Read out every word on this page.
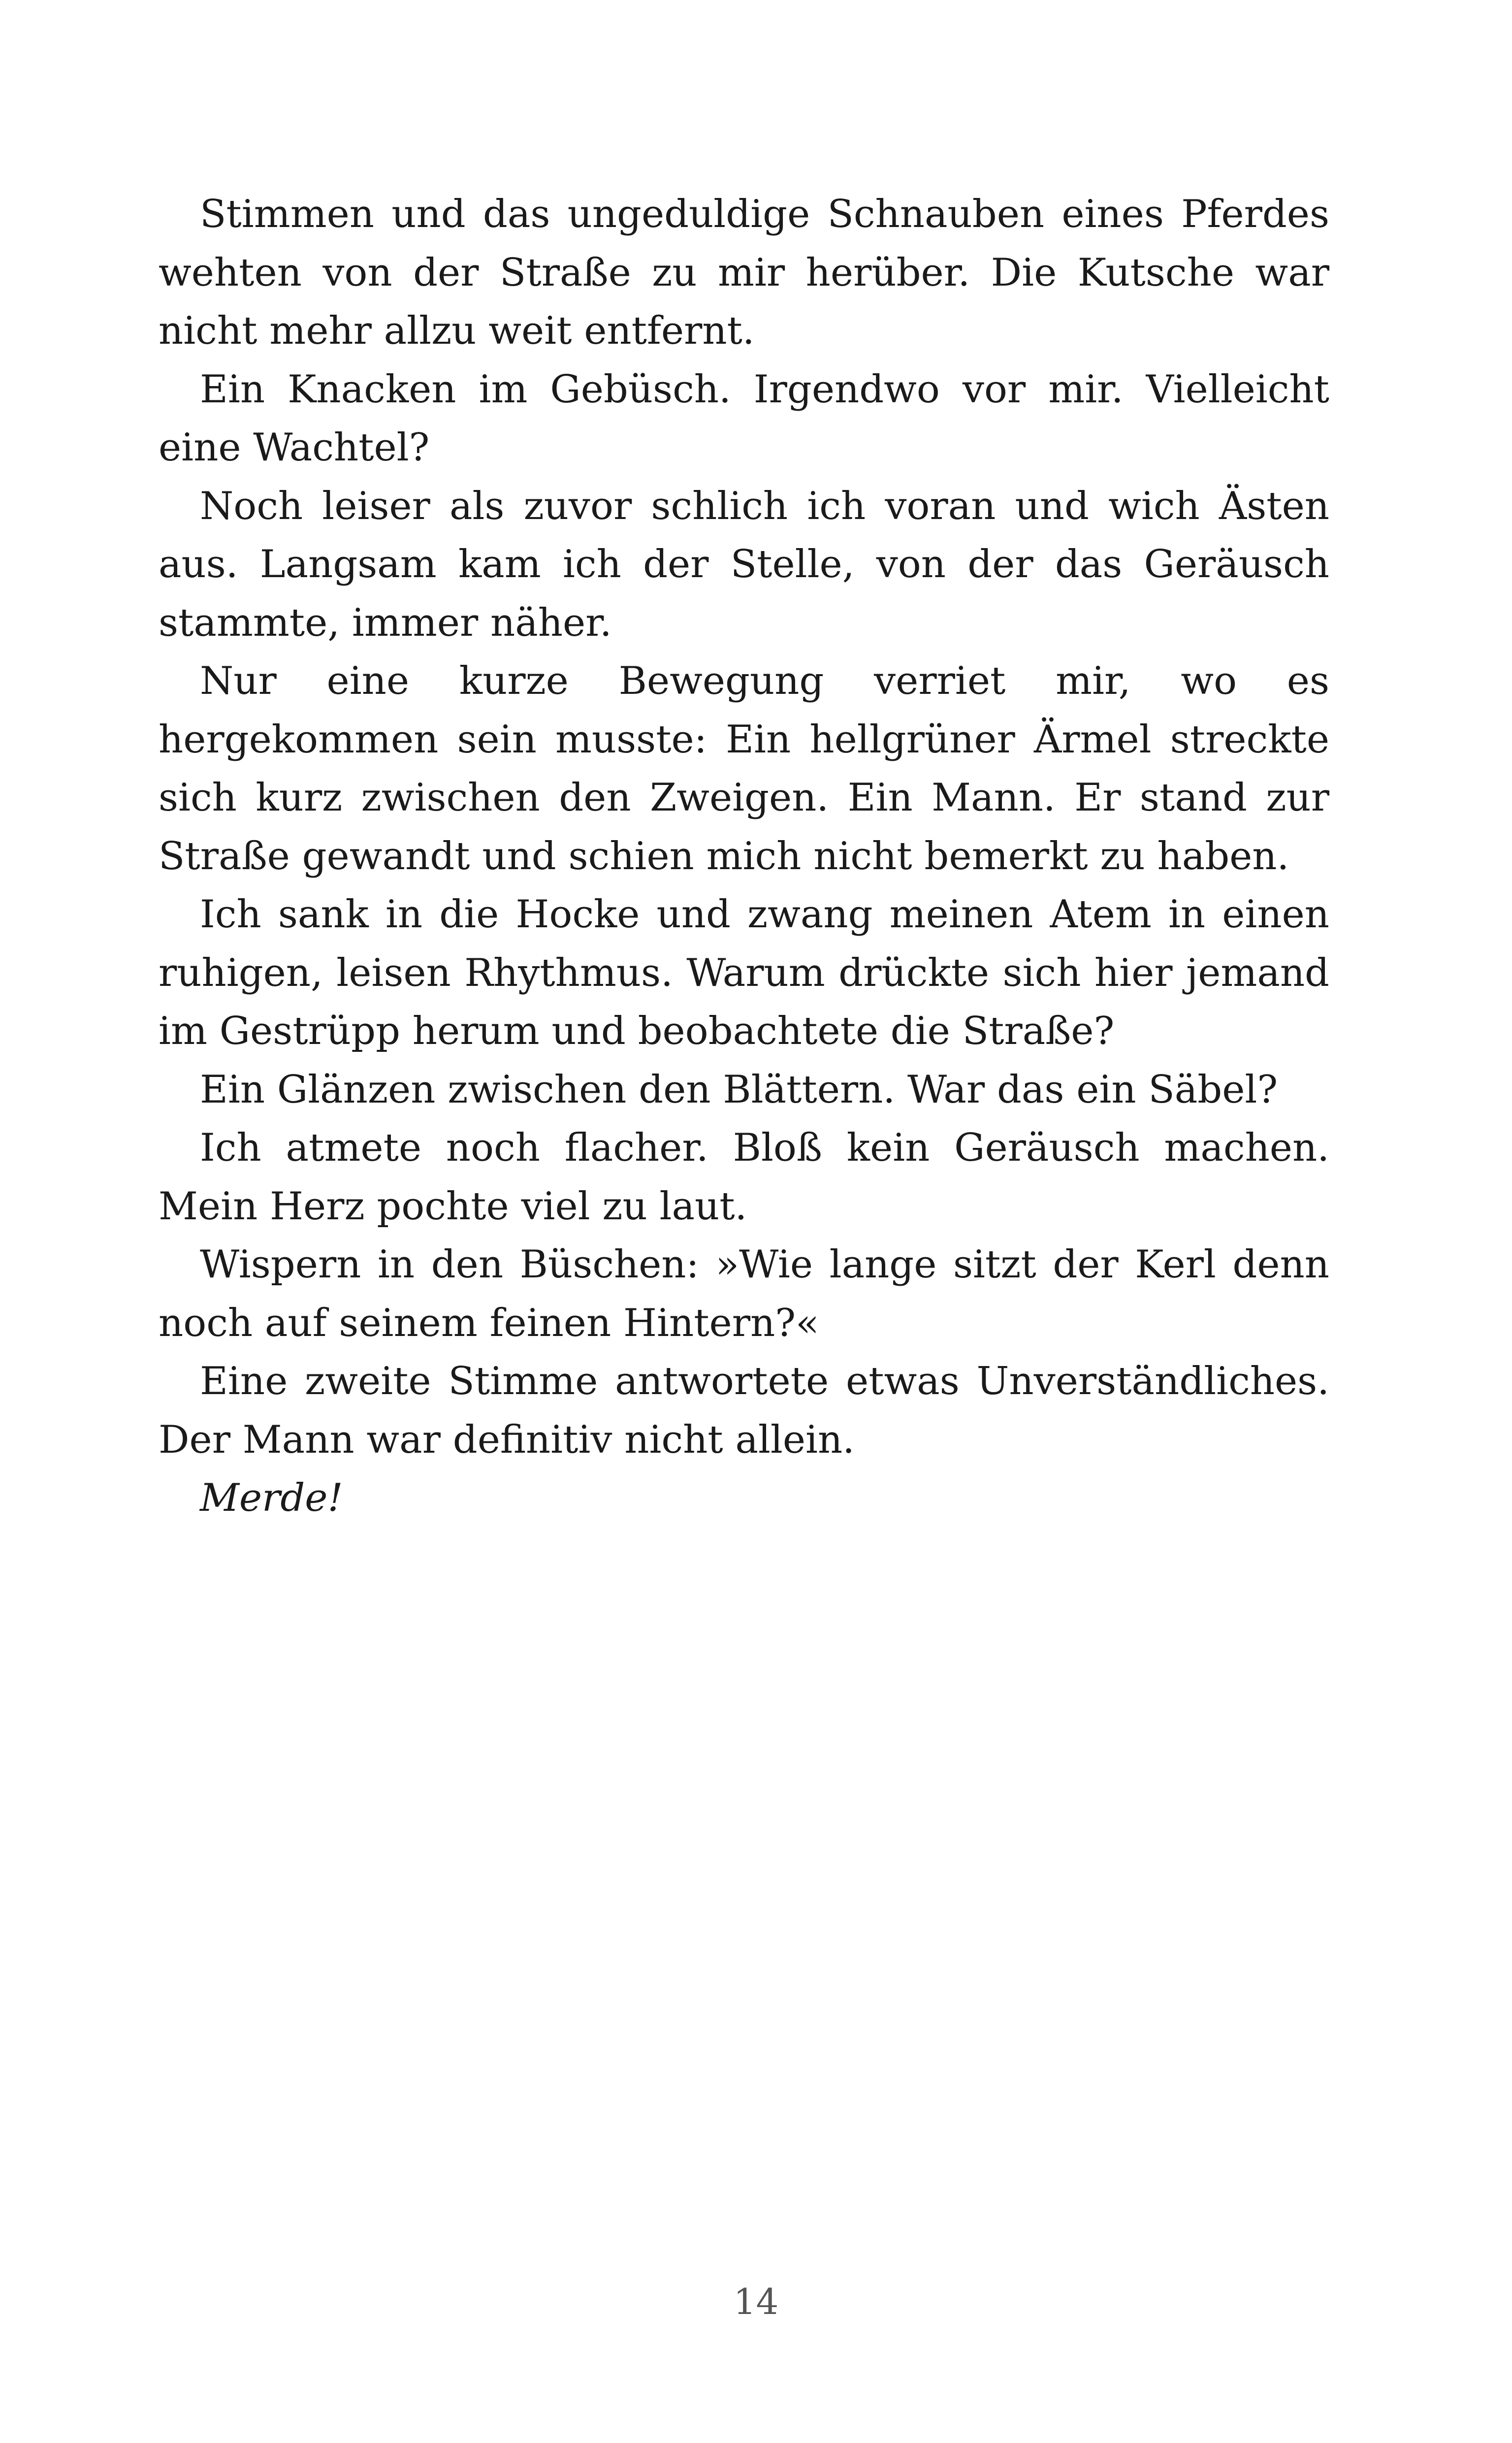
Stimmen und das ungeduldige Schnauben eines Pferdes wehten von der Straße zu mir herüber. Die Kutsche war nicht mehr allzu weit entfernt.

Ein Knacken im Gebüsch. Irgendwo vor mir. Vielleicht eine Wachtel?

Noch leiser als zuvor schlich ich voran und wich Ästen aus. Langsam kam ich der Stelle, von der das Geräusch stammte, immer näher.

Nur eine kurze Bewegung verriet mir, wo es hergekommen sein musste: Ein hellgrüner Ärmel streckte sich kurz zwischen den Zweigen. Ein Mann. Er stand zur Straße gewandt und schien mich nicht bemerkt zu haben.

Ich sank in die Hocke und zwang meinen Atem in einen ruhigen, leisen Rhythmus. Warum drückte sich hier jemand im Gestrüpp herum und beobachtete die Straße?

Ein Glänzen zwischen den Blättern. War das ein Säbel?

Ich atmete noch flacher. Bloß kein Geräusch machen. Mein Herz pochte viel zu laut.

Wispern in den Büschen: »Wie lange sitzt der Kerl denn noch auf seinem feinen Hintern?«

Eine zweite Stimme antwortete etwas Unverständliches. Der Mann war definitiv nicht allein.

Merde!

14
